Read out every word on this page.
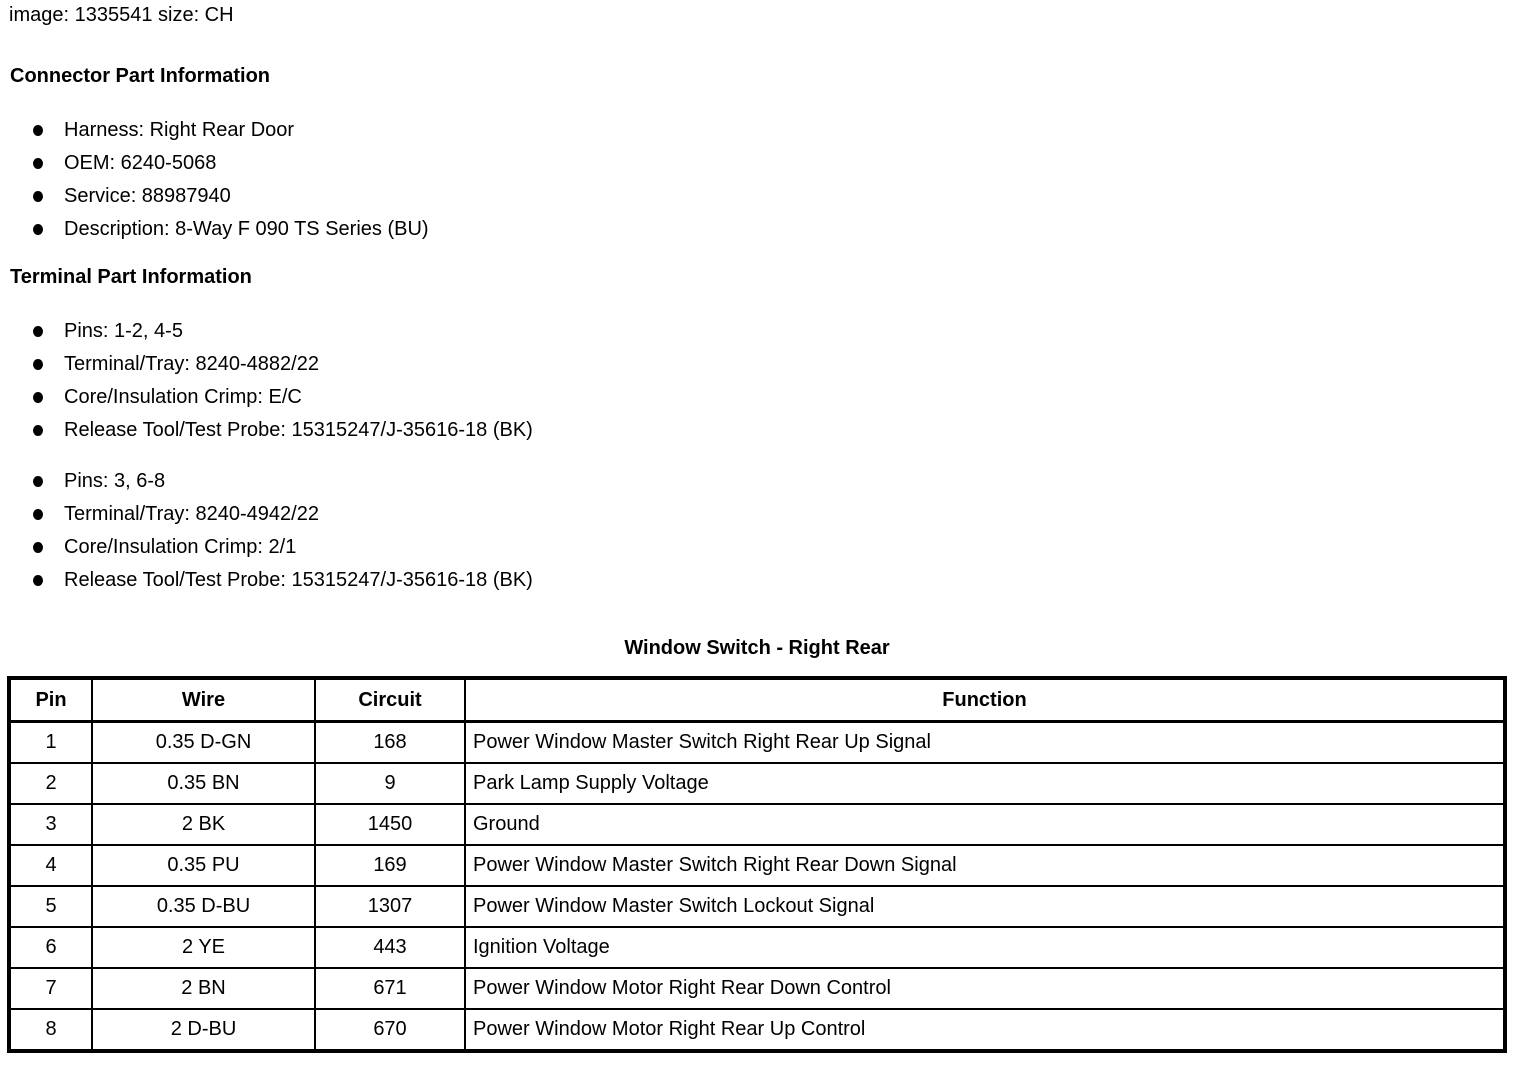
image: 1335541 size: CH
Connector Part Information
Harness: Right Rear Door
OEM: 6240-5068
Service: 88987940
Description: 8-Way F 090 TS Series (BU)
Terminal Part Information
Pins: 1-2, 4-5
Terminal/Tray: 8240-4882/22
Core/Insulation Crimp: E/C
Release Tool/Test Probe: 15315247/J-35616-18 (BK)
Pins: 3, 6-8
Terminal/Tray: 8240-4942/22
Core/Insulation Crimp: 2/1
Release Tool/Test Probe: 15315247/J-35616-18 (BK)
Window Switch - Right Rear
Pin	Wire	Circuit	Function
1	0.35 D-GN	168	Power Window Master Switch Right Rear Up Signal
2	0.35 BN	9	Park Lamp Supply Voltage
3	2 BK	1450	Ground
4	0.35 PU	169	Power Window Master Switch Right Rear Down Signal
5	0.35 D-BU	1307	Power Window Master Switch Lockout Signal
6	2 YE	443	Ignition Voltage
7	2 BN	671	Power Window Motor Right Rear Down Control
8	2 D-BU	670	Power Window Motor Right Rear Up Control
